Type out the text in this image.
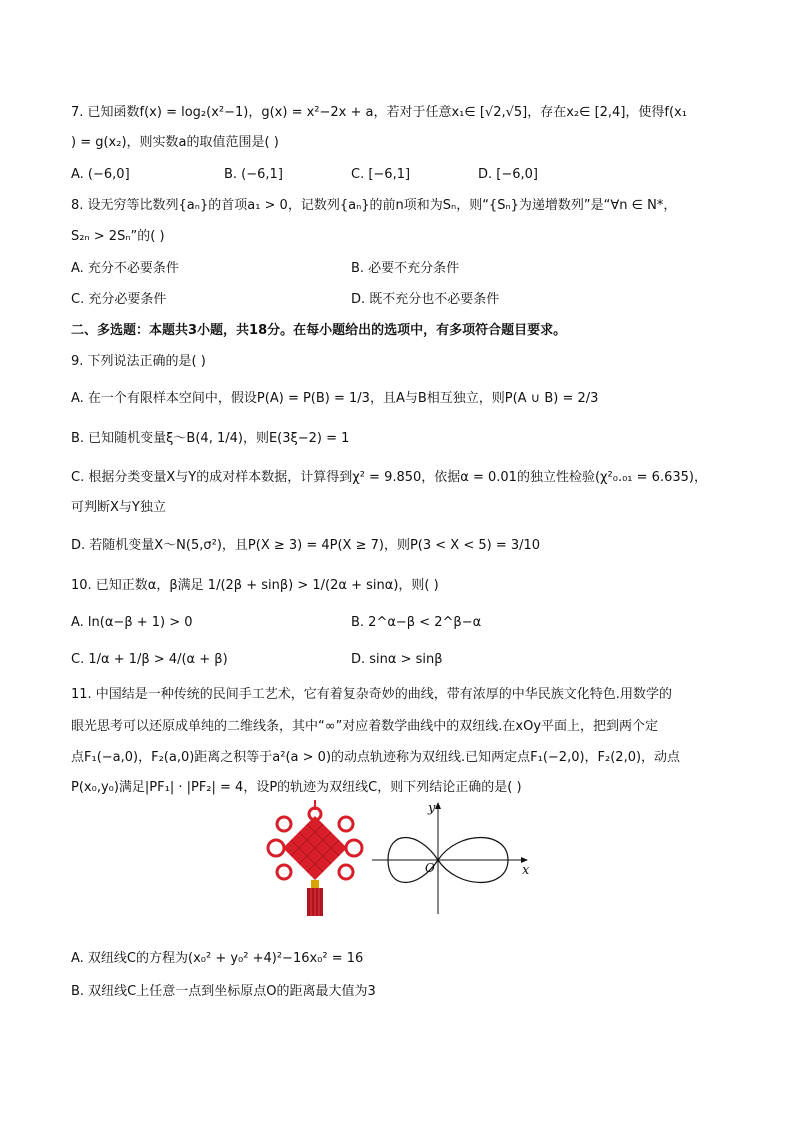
7. 已知函数f(x) = log₂(x²−1)，g(x) = x²−2x + a，若对于任意x₁∈ [√2,√5]，存在x₂∈ [2,4]，使得f(x₁
) = g(x₂)，则实数a的取值范围是( )
A. (−6,0]	B. (−6,1]	C. [−6,1]	D. [−6,0]
8. 设无穷等比数列{aₙ}的首项a₁ > 0，记数列{aₙ}的前n项和为Sₙ，则“{Sₙ}为递增数列”是“∀n ∈ N*，
S₂ₙ > 2Sₙ”的( )
A. 充分不必要条件	B. 必要不充分条件
C. 充分必要条件	D. 既不充分也不必要条件
二、多选题：本题共3小题，共18分。在每小题给出的选项中，有多项符合题目要求。
9. 下列说法正确的是( )
A. 在一个有限样本空间中，假设P(A) = P(B) = 1/3，且A与B相互独立，则P(A ∪ B) = 2/3
B. 已知随机变量ξ～B(4, 1/4)，则E(3ξ−2) = 1
C. 根据分类变量X与Y的成对样本数据，计算得到χ² = 9.850，依据α = 0.01的独立性检验(χ²₀.₀₁ = 6.635)，
可判断X与Y独立
D. 若随机变量X～N(5,σ²)，且P(X ≥ 3) = 4P(X ≥ 7)，则P(3 < X < 5) = 3/10
10. 已知正数α，β满足 1/(2β + sinβ) > 1/(2α + sinα)，则( )
A. ln(α−β + 1) > 0	B. 2^α−β < 2^β−α
C. 1/α + 1/β > 4/(α + β)	D. sinα > sinβ
11. 中国结是一种传统的民间手工艺术，它有着复杂奇妙的曲线，带有浓厚的中华民族文化特色.用数学的
眼光思考可以还原成单纯的二维线条，其中“∞”对应着数学曲线中的双纽线.在xOy平面上，把到两个定
点F₁(−a,0)，F₂(a,0)距离之积等于a²(a > 0)的动点轨迹称为双纽线.已知两定点F₁(−2,0)，F₂(2,0)，动点
P(x₀,y₀)满足|PF₁| · |PF₂| = 4，设P的轨迹为双纽线C，则下列结论正确的是( )
y
x
O
A. 双纽线C的方程为(x₀² + y₀² +4)²−16x₀² = 16
B. 双纽线C上任意一点到坐标原点O的距离最大值为3
